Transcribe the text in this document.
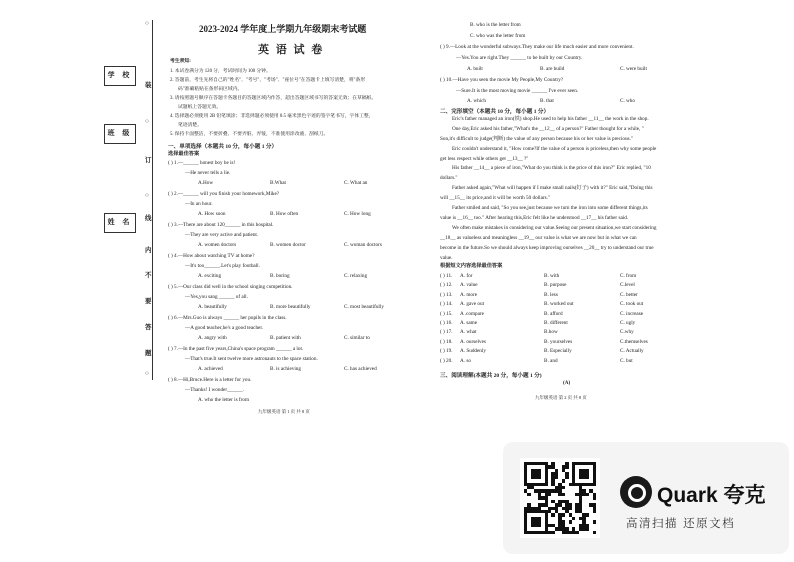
学 校
班 级
姓 名
○
装
○
订
○
线
内
不
要
答
题
○
2023-2024 学年度上学期九年级期末考试题
英 语 试 卷
考生须知:
1. 本试卷满分为 120 分，考试时间为 100 分钟。
2. 答题前，考生先将自己的"姓名"、"考号"、"考场"、"座位号"在答题卡上填写清楚，将"条形
码"准确粘贴在条形码区域内。
3. 请按照题号顺序在答题卡各题目的答题区域内作答，超出答题区域书写的答案无效；在草稿纸、
试题纸上答题无效。
4. 选择题必须使用 2B 铅笔填涂；非选择题必须使用 0.5 毫米黑色字迹的签字笔书写，字体工整，
笔迹清楚。
5. 保持卡面整洁，不要折叠、不要弄脏、弄皱，不准使用涂改液、刮纸刀。
一、单项选择（本题共 10 分，每小题 1 分）
选择最佳答案
( ) 1.—______ honest boy he is!
—He never tells a lie.
A.How	B.What	C. What an
( ) 2.—______ will you finish your homework,Mike?
—In an hour.
A. How soon	B. How often	C. How long
( ) 3.—There are about 120______ in this hospital.
—They are very active and patient.
A. women doctors	B. women doctor	C. woman doctors
( ) 4.—How about watching TV at home?
—It's too______.Let's play football.
A. exciting	B. boring	C. relaxing
( ) 5.—Our class did well in the school singing competition.
—Yes,you sang ______ of all.
A. beautifully	B. more beautifully	C. most beautifully
( ) 6.—Mrs.Guo is always ______ her pupils in the class.
—A good teacher,he's a good teacher.
A. angry with	B. patient with	C. similar to
( ) 7.—In the past five years,China's space program ______ a lot.
—That's true.It sent twelve more astronauts to the space station.
A. achieved	B. is achieving	C. has achieved
( ) 8.—Hi,Bruce.Here is a letter for you.
—Thanks! I wonder______.
A. who the letter is from
九年级英语 第 1 页 共 8 页
B. who is the letter from
C. who was the letter from
( ) 9.—Look at the wonderful subways.They make our life much easier and more convenient.
—Yes.You are right.They ______ to be built by our Country.
A. built	B. are build	C. were built
( ) 10.—Have you seen the movie My People,My Country?
—Sure.It is the most moving movie ______ I've ever seen.
A. which	B. that	C. who
二、完形填空（本题共 10 分，每小题 1 分）
Eric's father managed an iron(铁) shop.He used to help his father __11__ the work in the shop.
One day,Eric asked his father,"What's the __12__ of a person?" Father thought for a while, "
Son,it's difficult to judge(判断) the value of any person because his or her value is precious."
Eric couldn't understand it, "How come?If the value of a person is priceless,then why some people
get less respect while others get __13__ ?"
His father __14__ a piece of iron,"What do you think is the price of this iron?" Eric replied, "10
dollars."
Father asked again,"What will happen if I make small nails(钉子) with it?" Eric said,"Doing this
will __15__ its price,and it will be worth 50 dollars."
Father smiled and said, "So you see,just because we turn the iron into some different things,its
value is __16__ too." After hearing this,Eric felt like he understood __17__ his father said.
We often make mistakes in considering our value.Seeing our present situation,we start considering
__18__ as valueless and meaningless __19__ our value is what we are now but in what we can
become in the future.So we should always keep improving ourselves __20__ try to understand our true
value.
根据短文内容选择最佳答案
( ) 11. A. for	B. with	C. from
( ) 12. A. value	B. purpose	C.level
( ) 13. A. more	B. less	C. better
( ) 14. A. gave out	B. worked out	C. took out
( ) 15. A .compare	B. afford	C. increase
( ) 16. A. same	B. different	C. ugly
( ) 17. A. what	B.how	C.why
( ) 18. A. ourselves	B. yourselves	C.themselves
( ) 19. A. Suddenly	B. Especially	C. Actually
( ) 20. A. so	B. and	C. but
三、阅读理解(本题共 20 分，每小题 1 分)
(A)
九年级英语 第 2 页 共 8 页
Quark 夸克
高清扫描 还原文档
